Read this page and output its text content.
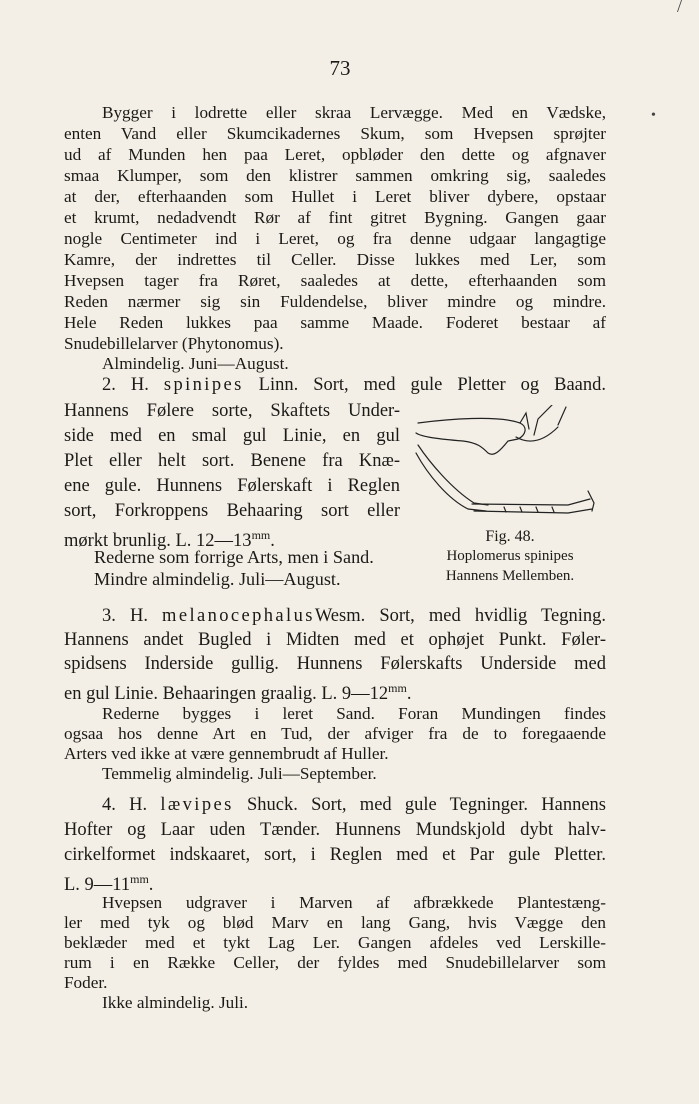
/
•
73

Bygger i lodrette eller skraa Lervægge. Med en Vædske,

enten Vand eller Skumcikadernes Skum, som Hvepsen sprøjter

ud af Munden hen paa Leret, opbløder den dette og afgnaver

smaa Klumper, som den klistrer sammen omkring sig, saaledes

at der, efterhaanden som Hullet i Leret bliver dybere, opstaar

et krumt, nedadvendt Rør af fint gitret Bygning. Gangen gaar

nogle Centimeter ind i Leret, og fra denne udgaar langagtige

Kamre, der indrettes til Celler. Disse lukkes med Ler, som

Hvepsen tager fra Røret, saaledes at dette, efterhaanden som

Reden nærmer sig sin Fuldendelse, bliver mindre og mindre.

Hele Reden lukkes paa samme Maade. Foderet bestaar af

Snudebillelarver (Phytonomus).

Almindelig. Juni—August.

2. H. spinipes Linn. Sort, med gule Pletter og Baand.

Hannens Følere sorte, Skaftets Under-

side med en smal gul Linie, en gul

Plet eller helt sort. Benene fra Knæ-

ene gule. Hunnens Følerskaft i Reglen

sort, Forkroppens Behaaring sort eller

mørkt brunlig. L. $12—13^{mm}$.

Rederne som forrige Arts, men i Sand.

Mindre almindelig. Juli—August.

Fig. 48.
Hoplomerus spinipes
Hannens Mellemben.

3. H. melanocephalusWesm. Sort, med hvidlig Tegning.

Hannens andet Bugled i Midten med et ophøjet Punkt. Føler-

spidsens Inderside gullig. Hunnens Følerskafts Underside med

en gul Linie. Behaaringen graalig. L. $9—12^{mm}$.

Rederne bygges i leret Sand. Foran Mundingen findes

ogsaa hos denne Art en Tud, der afviger fra de to foregaaende

Arters ved ikke at være gennembrudt af Huller.

Temmelig almindelig. Juli—September.

4. H. lævipes Shuck. Sort, med gule Tegninger. Hannens

Hofter og Laar uden Tænder. Hunnens Mundskjold dybt halv-

cirkelformet indskaaret, sort, i Reglen med et Par gule Pletter.

L. $9—11^{mm}$.

Hvepsen udgraver i Marven af afbrækkede Plantestæng-

ler med tyk og blød Marv en lang Gang, hvis Vægge den

beklæder med et tykt Lag Ler. Gangen afdeles ved Lerskille-

rum i en Række Celler, der fyldes med Snudebillelarver som

Foder.

Ikke almindelig. Juli.
